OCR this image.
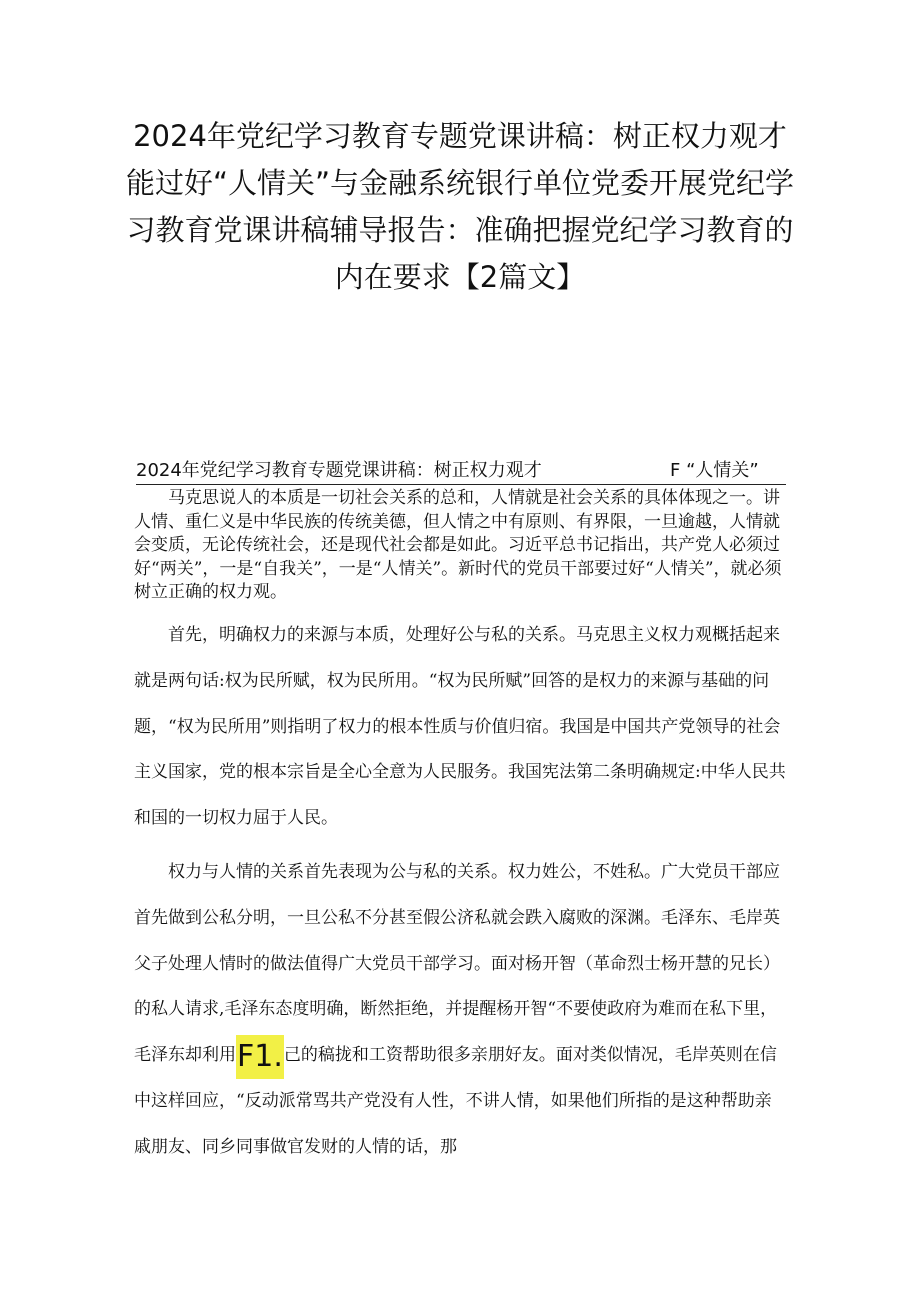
2024年党纪学习教育专题党课讲稿：树正权力观才能过好“人情关”与金融系统银行单位党委开展党纪学习教育党课讲稿辅导报告：准确把握党纪学习教育的内在要求【2篇文】
2024年党纪学习教育专题党课讲稿：树正权力观才	F “人情关”

马克思说人的本质是一切社会关系的总和，人情就是社会关系的具体体现之一。讲人情、重仁义是中华民族的传统美德，但人情之中有原则、有界限，一旦逾越，人情就会变质，无论传统社会，还是现代社会都是如此。习近平总书记指出，共产党人必须过好“两关”，一是“自我关”，一是“人情关”。新时代的党员干部要过好“人情关”，就必须树立正确的权力观。

首先，明确权力的来源与本质，处理好公与私的关系。马克思主义权力观概括起来就是两句话:权为民所赋，权为民所用。“权为民所赋”回答的是权力的来源与基础的问题，“权为民所用”则指明了权力的根本性质与价值归宿。我国是中国共产党领导的社会主义国家，党的根本宗旨是全心全意为人民服务。我国宪法第二条明确规定:中华人民共和国的一切权力屈于人民。

权力与人情的关系首先表现为公与私的关系。权力姓公，不姓私。广大党员干部应首先做到公私分明，一旦公私不分甚至假公济私就会跌入腐败的深渊。毛泽东、毛岸英父子处理人情时的做法值得广大党员干部学习。面对杨开智（革命烈士杨开慧的兄长）的私人请求,毛泽东态度明确，断然拒绝，并提醒杨开智“不要使政府为难而在私下里，毛泽东却利用F1.己的稿拢和工资帮助很多亲朋好友。面对类似情况，毛岸英则在信中这样回应，“反动派常骂共产党没有人性，不讲人情，如果他们所指的是这种帮助亲戚朋友、同乡同事做官发财的人情的话，那
